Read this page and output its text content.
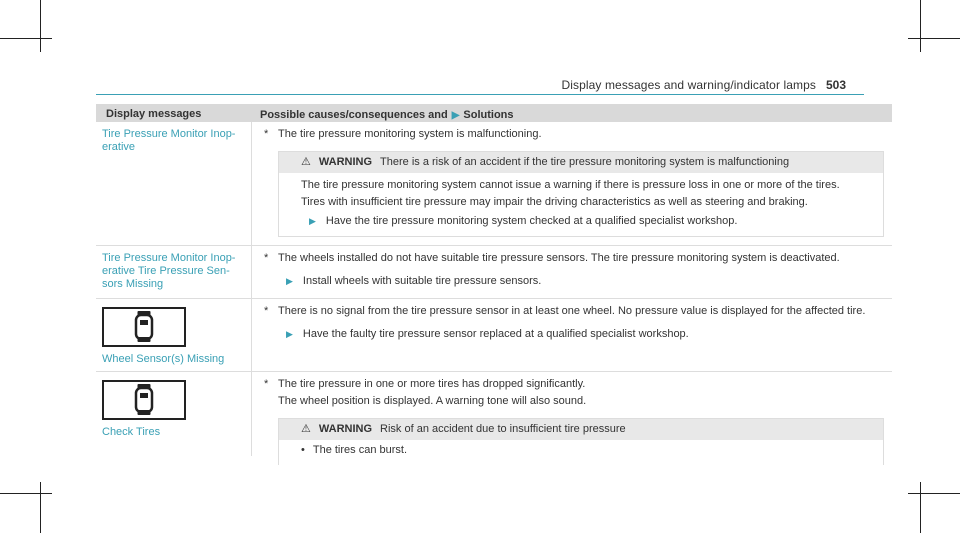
Display messages and warning/indicator lamps 503
Display messages	Possible causes/consequences and ▶ Solutions
Tire Pressure Monitor Inop-erative
* The tire pressure monitoring system is malfunctioning.
⚠ WARNING There is a risk of an accident if the tire pressure monitoring system is malfunctioning

The tire pressure monitoring system cannot issue a warning if there is pressure loss in one or more of the tires.

Tires with insufficient tire pressure may impair the driving characteristics as well as steering and braking.

▶ Have the tire pressure monitoring system checked at a qualified specialist workshop.
Tire Pressure Monitor Inop-erative Tire Pressure Sen-sors Missing
* The wheels installed do not have suitable tire pressure sensors. The tire pressure monitoring system is deactivated.
▶ Install wheels with suitable tire pressure sensors.
Wheel Sensor(s) Missing
* There is no signal from the tire pressure sensor in at least one wheel. No pressure value is displayed for the affected tire.
▶ Have the faulty tire pressure sensor replaced at a qualified specialist workshop.
Check Tires
* The tire pressure in one or more tires has dropped significantly.
The wheel position is displayed. A warning tone will also sound.
⚠ WARNING Risk of an accident due to insufficient tire pressure
• The tires can burst.
